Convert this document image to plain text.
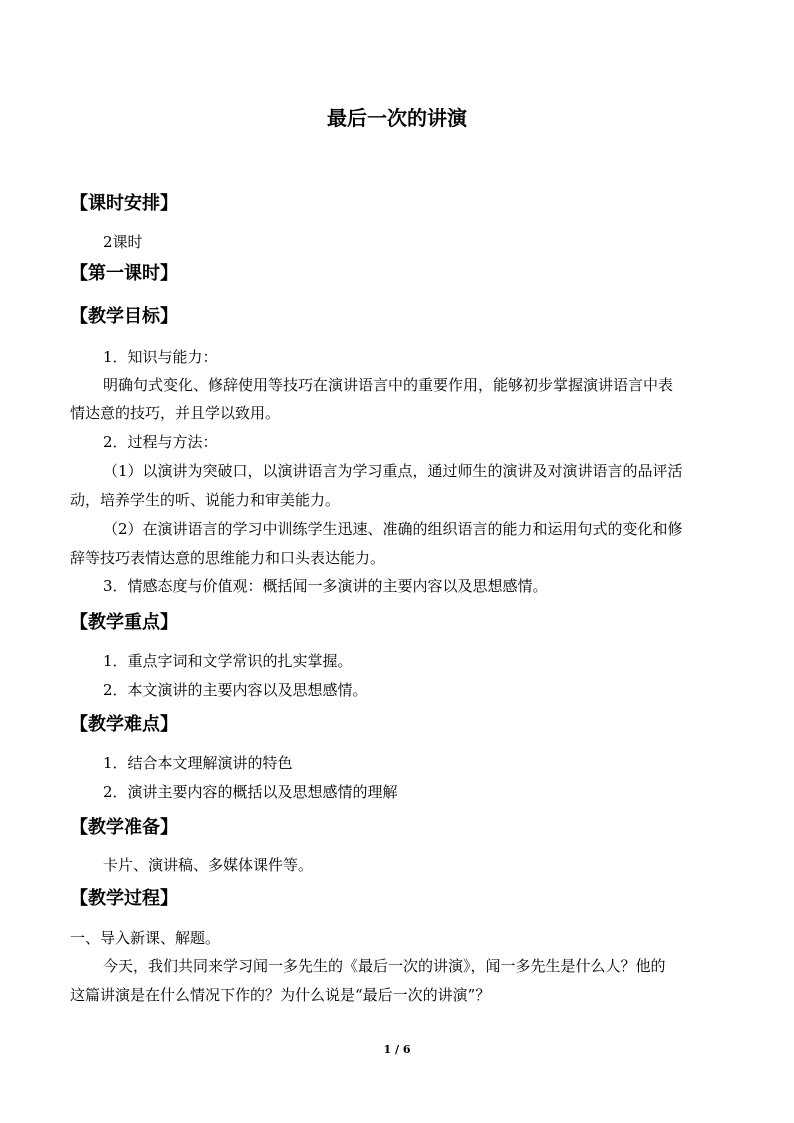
最后一次的讲演
【课时安排】
2课时
【第一课时】
【教学目标】
1．知识与能力：
明确句式变化、修辞使用等技巧在演讲语言中的重要作用，能够初步掌握演讲语言中表
情达意的技巧，并且学以致用。
2．过程与方法：
（1）以演讲为突破口，以演讲语言为学习重点，通过师生的演讲及对演讲语言的品评活
动，培养学生的听、说能力和审美能力。
（2）在演讲语言的学习中训练学生迅速、准确的组织语言的能力和运用句式的变化和修
辞等技巧表情达意的思维能力和口头表达能力。
3．情感态度与价值观：概括闻一多演讲的主要内容以及思想感情。
【教学重点】
1．重点字词和文学常识的扎实掌握。
2．本文演讲的主要内容以及思想感情。
【教学难点】
1．结合本文理解演讲的特色
2．演讲主要内容的概括以及思想感情的理解
【教学准备】
卡片、演讲稿、多媒体课件等。
【教学过程】
一、导入新课、解题。
今天，我们共同来学习闻一多先生的《最后一次的讲演》，闻一多先生是什么人？他的
这篇讲演是在什么情况下作的？为什么说是“最后一次的讲演”？
1 / 6
